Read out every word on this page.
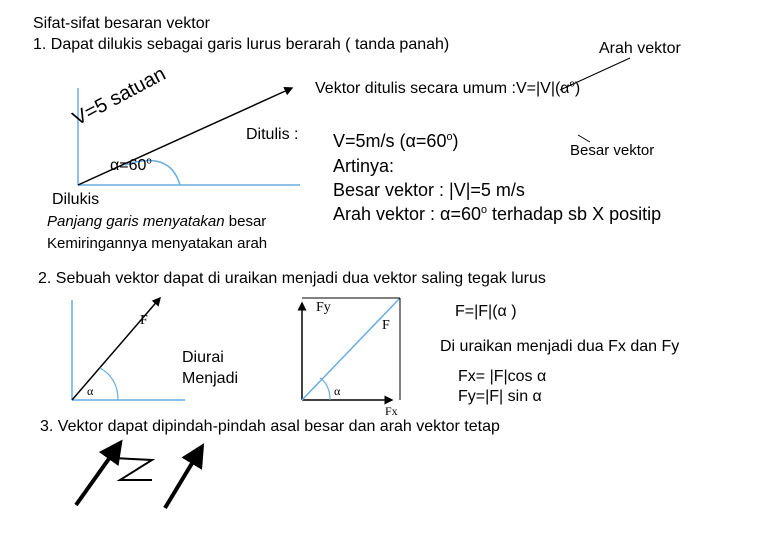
Sifat-sifat besaran vektor
1. Dapat dilukis sebagai garis lurus berarah ( tanda panah)	Arah vektor
Vektor ditulis secara umum $:V=|V|(\alpha^o)$
V=5 satuan
$\alpha=60^o$
Ditulis : V=5m/s $(\alpha=60^o)$	Besar vektor
Artinya:
Besar vektor : |V|=5 m/s
Arah vektor : $\alpha=60^o$ terhadap sb X positip
Dilukis
Panjang garis menyatakan besar
Kemiringannya menyatakan arah
2. Sebuah vektor dapat di uraikan menjadi dua vektor saling tegak lurus
F
α
Diurai
Menjadi
Fy
F
Fx
α
F=|F|(α )
Di uraikan menjadi dua Fx dan Fy
Fx= |F|cos α
Fy=|F| sin α
3. Vektor dapat dipindah-pindah asal besar dan arah vektor tetap
